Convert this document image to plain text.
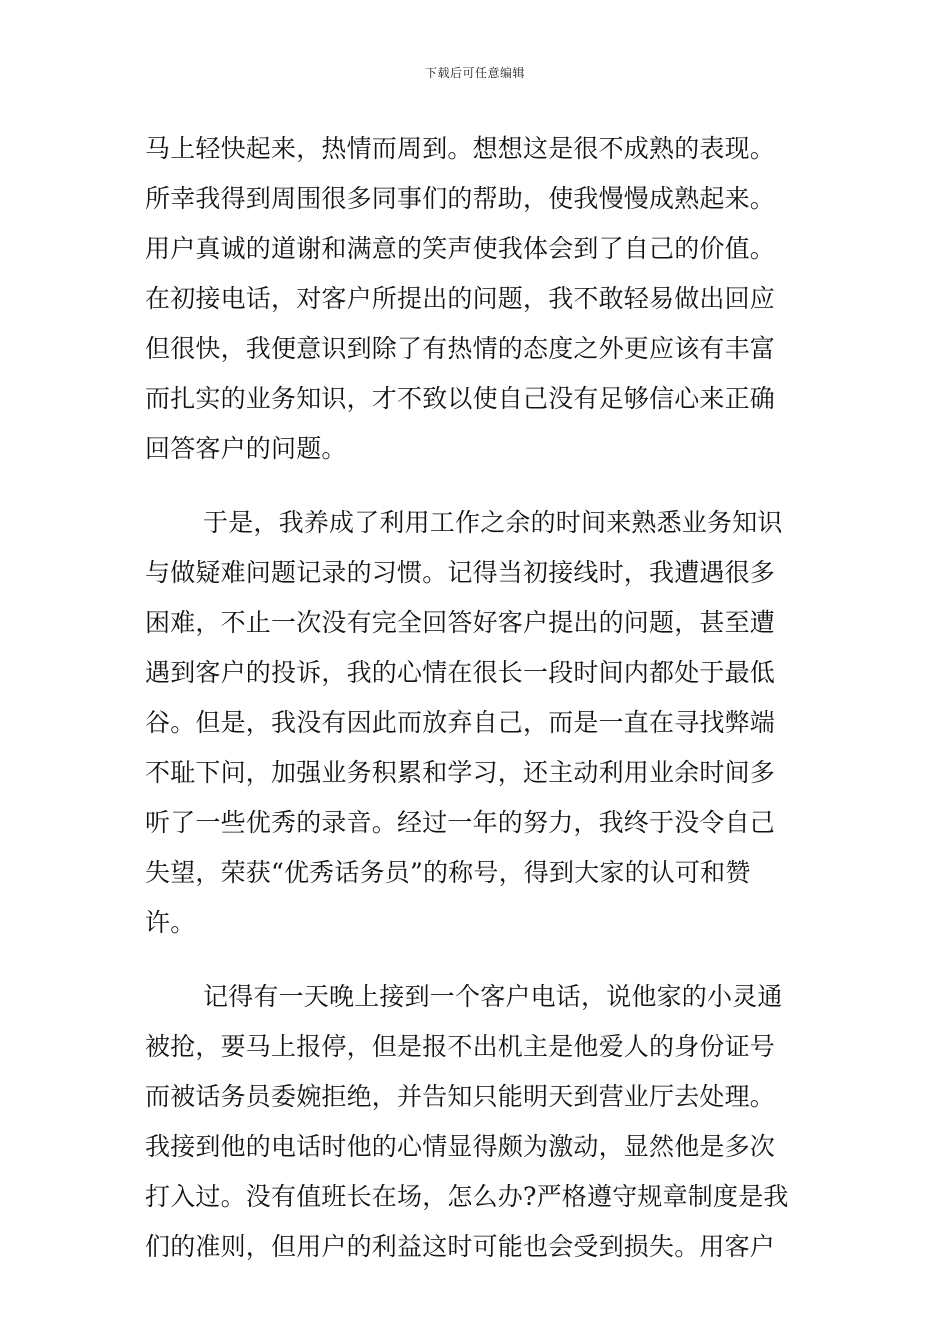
下载后可任意编辑
马上轻快起来，热情而周到。想想这是很不成熟的表现。
所幸我得到周围很多同事们的帮助，使我慢慢成熟起来。
用户真诚的道谢和满意的笑声使我体会到了自己的价值。
在初接电话，对客户所提出的问题，我不敢轻易做出回应
但很快，我便意识到除了有热情的态度之外更应该有丰富
而扎实的业务知识，才不致以使自己没有足够信心来正确
回答客户的问题。
于是，我养成了利用工作之余的时间来熟悉业务知识
与做疑难问题记录的习惯。记得当初接线时，我遭遇很多
困难，不止一次没有完全回答好客户提出的问题，甚至遭
遇到客户的投诉，我的心情在很长一段时间内都处于最低
谷。但是，我没有因此而放弃自己，而是一直在寻找弊端
不耻下问，加强业务积累和学习，还主动利用业余时间多
听了一些优秀的录音。经过一年的努力，我终于没令自己
失望，荣获“优秀话务员”的称号，得到大家的认可和赞
许。
记得有一天晚上接到一个客户电话，说他家的小灵通
被抢，要马上报停，但是报不出机主是他爱人的身份证号
而被话务员委婉拒绝，并告知只能明天到营业厅去处理。
我接到他的电话时他的心情显得颇为激动，显然他是多次
打入过。没有值班长在场，怎么办?严格遵守规章制度是我
们的准则，但用户的利益这时可能也会受到损失。用客户
